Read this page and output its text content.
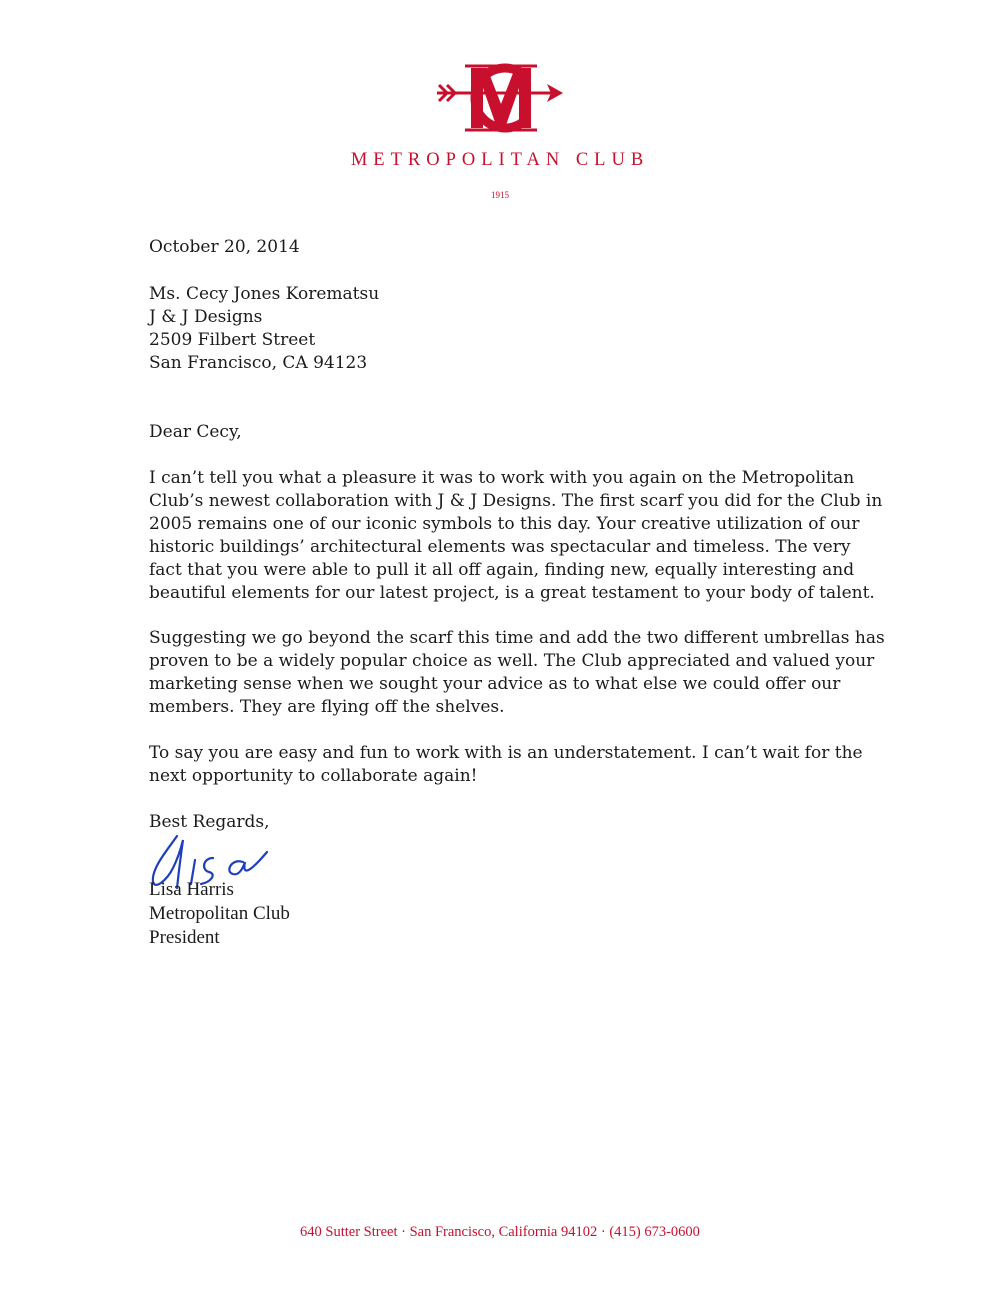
METROPOLITAN CLUB
1915
October 20, 2014
Ms. Cecy Jones Korematsu
J & J Designs
2509 Filbert Street
San Francisco, CA 94123
Dear Cecy,
I can’t tell you what a pleasure it was to work with you again on the Metropolitan
Club’s newest collaboration with J & J Designs. The first scarf you did for the Club in
2005 remains one of our iconic symbols to this day. Your creative utilization of our
historic buildings’ architectural elements was spectacular and timeless. The very
fact that you were able to pull it all off again, finding new, equally interesting and
beautiful elements for our latest project, is a great testament to your body of talent.
Suggesting we go beyond the scarf this time and add the two different umbrellas has
proven to be a widely popular choice as well. The Club appreciated and valued your
marketing sense when we sought your advice as to what else we could offer our
members. They are flying off the shelves.
To say you are easy and fun to work with is an understatement. I can’t wait for the
next opportunity to collaborate again!
Best Regards,
Lisa Harris
Metropolitan Club
President
640 Sutter Street · San Francisco, California 94102 · (415) 673-0600
